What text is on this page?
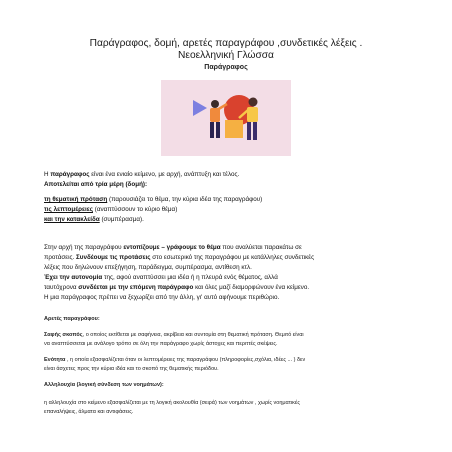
Παράγραφος, δομή, αρετές παραγράφου ,συνδετικές λέξεις .
Νεοελληνική Γλώσσα
Παράγραφος
Η παράγραφος είναι ένα ενιαίο κείμενο, με αρχή, ανάπτυξη και τέλος.
Αποτελείται από τρία μέρη (δομή):
τη θεματική πρόταση (παρουσιάζει το θέμα, την κύρια ιδέα της παραγράφου)
τις λεπτομέρειες (αναπτύσσουν το κύριο θέμα)
και την κατακλείδα (συμπέρασμα).
Στην αρχή της παραγράφου εντοπίζουμε – γράφουμε το θέμα που αναλύεται παρακάτω σε
προτάσεις. Συνδέουμε τις προτάσεις στο εσωτερικό της παραγράφου με κατάλληλες συνδετικές
λέξεις που δηλώνουν επεξήγηση, παράδειγμα, συμπέρασμα, αντίθεση κτλ.
Έχει την αυτονομία της, αφού αναπτύσσει μια ιδέα ή η πλευρά ενός θέματος, αλλά
ταυτόχρονα συνδέεται με την επόμενη παράγραφο και όλες μαζί διαμορφώνουν ένα κείμενο.
Η μια παράγραφος πρέπει να ξεχωρίζει από την άλλη, γι' αυτό αφήνουμε περιθώριο.
Αρετές παραγράφου:
Σαφής σκοπός, ο οποίος εκτίθεται με σαφήνεια, ακρίβεια και συντομία στη θεματική πρόταση. Θεμιτό είναι
να αναπτύσσεται με ανάλογο τρόπο σε όλη την παράγραφο χωρίς άστοχες και περιττές σκέψεις.
Ενότητα , η οποία εξασφαλίζεται όταν οι λεπτομέρειες της παραγράφου (πληροφορίες,σχόλια, ιδέες ... ) δεν
είναι άσχετες προς την κύρια ιδέα και το σκοπό της θεματικής περιόδου.
Αλληλουχία (λογική σύνδεση των νοημάτων):
η αλληλουχία στο κείμενο εξασφαλίζεται με τη λογική ακολουθία (σειρά) των νοημάτων , χωρίς νοηματικές
επαναλήψεις, άλματα και αντιφάσεις.
